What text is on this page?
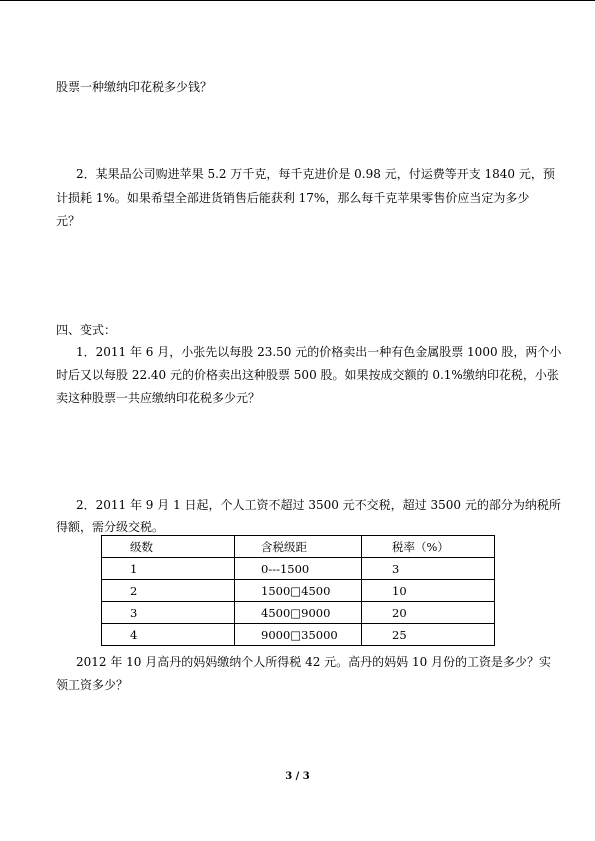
股票一种缴纳印花税多少钱？
2．某果品公司购进苹果 5.2 万千克，每千克进价是 0.98 元，付运费等开支 1840 元，预
计损耗 1%。如果希望全部进货销售后能获利 17%，那么每千克苹果零售价应当定为多少
元？
四、变式：
1．2011 年 6 月，小张先以每股 23.50 元的价格卖出一种有色金属股票 1000 股，两个小
时后又以每股 22.40 元的价格卖出这种股票 500 股。如果按成交额的 0.1%缴纳印花税，小张
卖这种股票一共应缴纳印花税多少元？
2．2011 年 9 月 1 日起，个人工资不超过 3500 元不交税，超过 3500 元的部分为纳税所
得额，需分级交税。
级数	含税级距	税率（%）
1	0---1500	3
2	1500□4500	10
3	4500□9000	20
4	9000□35000	25
2012 年 10 月高丹的妈妈缴纳个人所得税 42 元。高丹的妈妈 10 月份的工资是多少？实
领工资多少？
3 / 3
